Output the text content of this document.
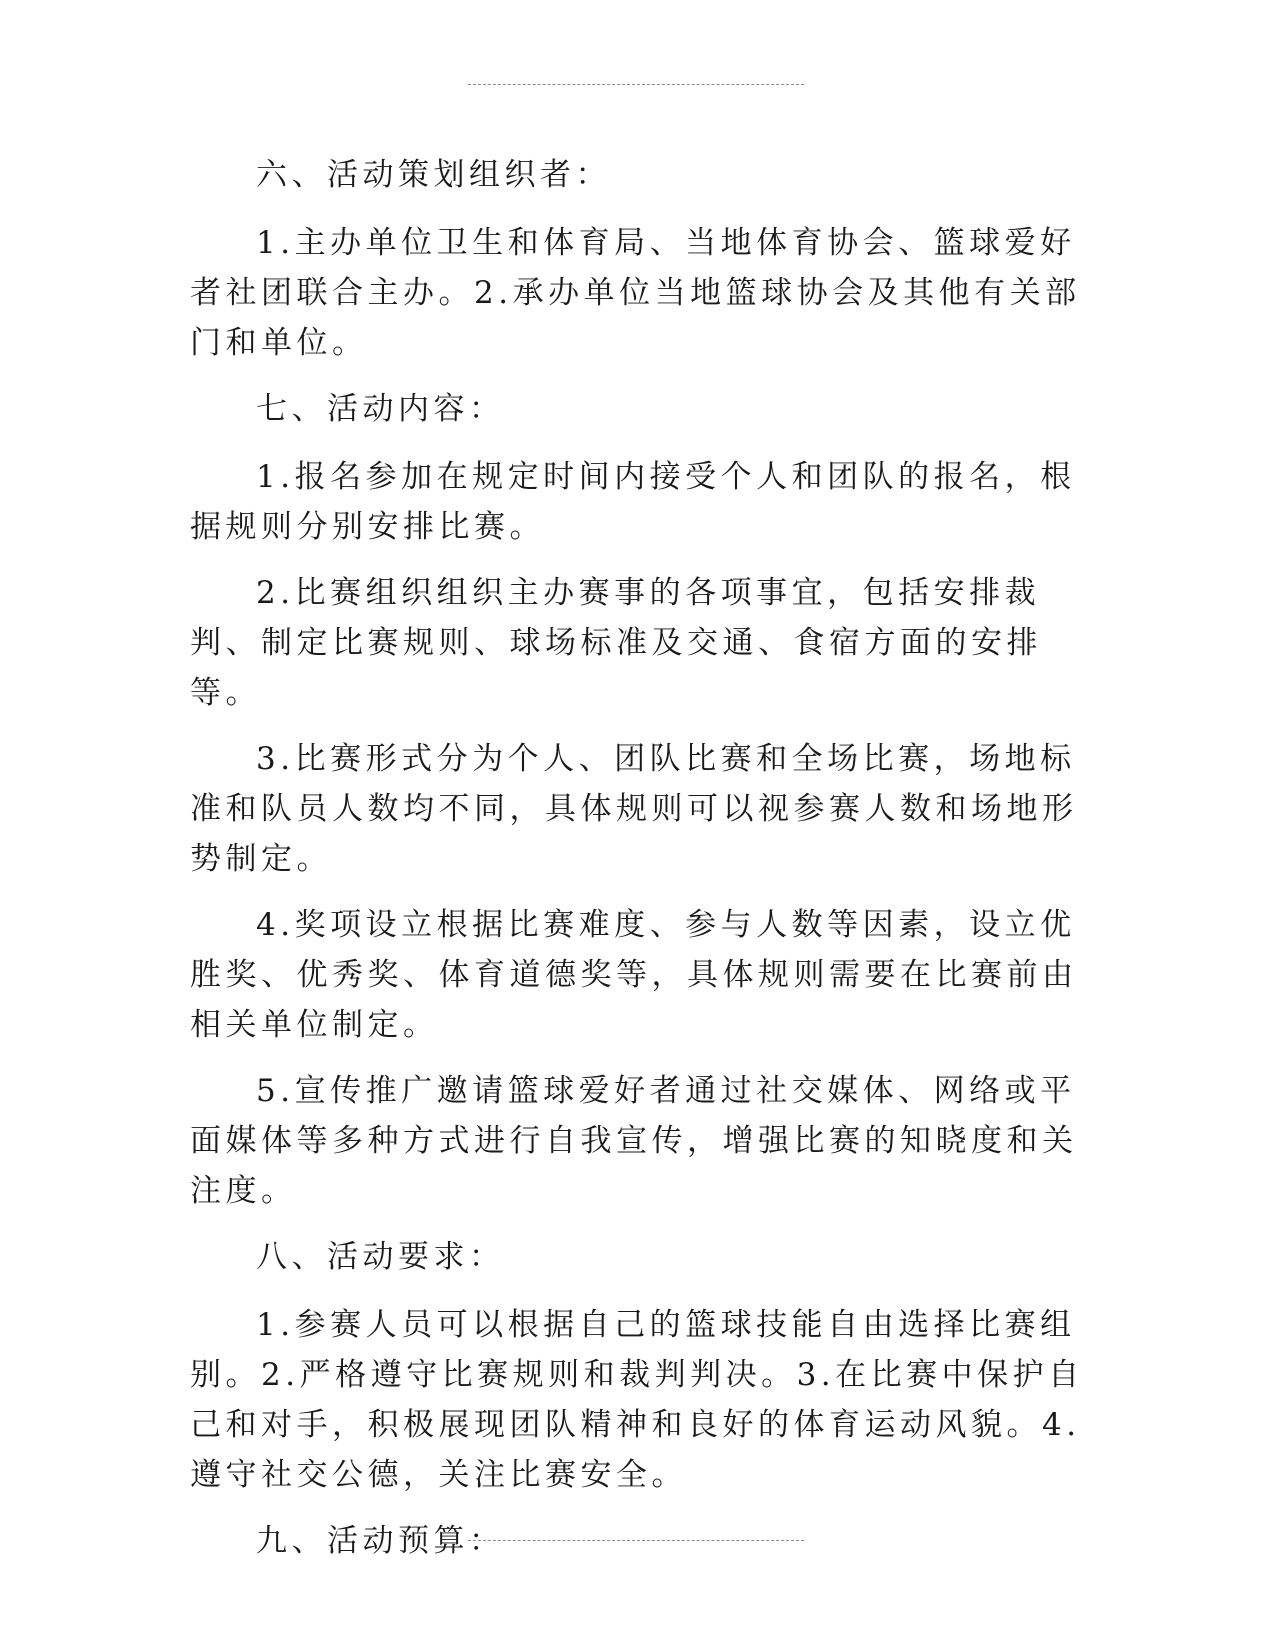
六、活动策划组织者：

1.主办单位卫生和体育局、当地体育协会、篮球爱好者社团联合主办。2.承办单位当地篮球协会及其他有关部门和单位。

七、活动内容：

1.报名参加在规定时间内接受个人和团队的报名，根据规则分别安排比赛。

2.比赛组织组织主办赛事的各项事宜，包括安排裁判、制定比赛规则、球场标准及交通、食宿方面的安排等。

3.比赛形式分为个人、团队比赛和全场比赛，场地标准和队员人数均不同，具体规则可以视参赛人数和场地形势制定。

4.奖项设立根据比赛难度、参与人数等因素，设立优胜奖、优秀奖、体育道德奖等，具体规则需要在比赛前由相关单位制定。

5.宣传推广邀请篮球爱好者通过社交媒体、网络或平面媒体等多种方式进行自我宣传，增强比赛的知晓度和关注度。

八、活动要求：

1.参赛人员可以根据自己的篮球技能自由选择比赛组别。2.严格遵守比赛规则和裁判判决。3.在比赛中保护自己和对手，积极展现团队精神和良好的体育运动风貌。4.遵守社交公德，关注比赛安全。

九、活动预算：
